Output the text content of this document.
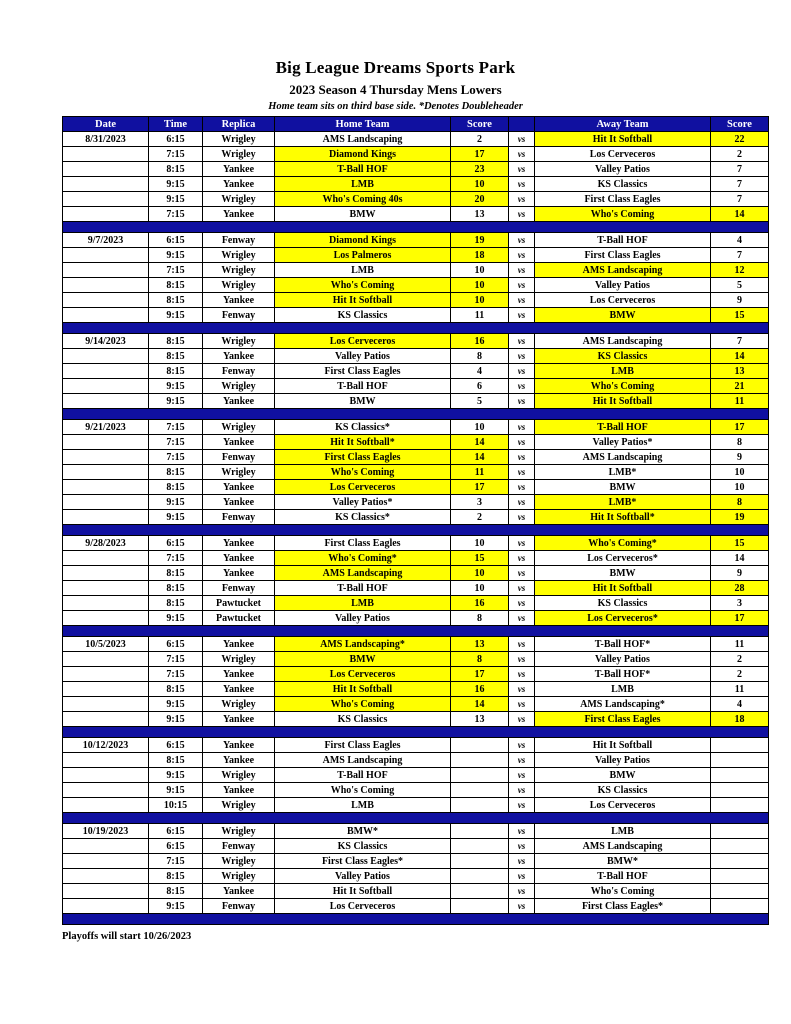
Big League Dreams Sports Park
2023 Season 4 Thursday Mens Lowers
Home team sits on third base side. *Denotes Doubleheader
Date	Time	Replica	Home Team	Score		Away Team	Score
8/31/2023	6:15	Wrigley	AMS Landscaping	2	vs	Hit It Softball	22
	7:15	Wrigley	Diamond Kings	17	vs	Los Cerveceros	2
	8:15	Yankee	T-Ball HOF	23	vs	Valley Patios	7
	9:15	Yankee	LMB	10	vs	KS Classics	7
	9:15	Wrigley	Who's Coming 40s	20	vs	First Class Eagles	7
	7:15	Yankee	BMW	13	vs	Who's Coming	14

9/7/2023	6:15	Fenway	Diamond Kings	19	vs	T-Ball HOF	4
	9:15	Wrigley	Los Palmeros	18	vs	First Class Eagles	7
	7:15	Wrigley	LMB	10	vs	AMS Landscaping	12
	8:15	Wrigley	Who's Coming	10	vs	Valley Patios	5
	8:15	Yankee	Hit It Softball	10	vs	Los Cerveceros	9
	9:15	Fenway	KS Classics	11	vs	BMW	15

9/14/2023	8:15	Wrigley	Los Cerveceros	16	vs	AMS Landscaping	7
	8:15	Yankee	Valley Patios	8	vs	KS Classics	14
	8:15	Fenway	First Class Eagles	4	vs	LMB	13
	9:15	Wrigley	T-Ball HOF	6	vs	Who's Coming	21
	9:15	Yankee	BMW	5	vs	Hit It Softball	11

9/21/2023	7:15	Wrigley	KS Classics*	10	vs	T-Ball HOF	17
	7:15	Yankee	Hit It Softball*	14	vs	Valley Patios*	8
	7:15	Fenway	First Class Eagles	14	vs	AMS Landscaping	9
	8:15	Wrigley	Who's Coming	11	vs	LMB*	10
	8:15	Yankee	Los Cerveceros	17	vs	BMW	10
	9:15	Yankee	Valley Patios*	3	vs	LMB*	8
	9:15	Fenway	KS Classics*	2	vs	Hit It Softball*	19

9/28/2023	6:15	Yankee	First Class Eagles	10	vs	Who's Coming*	15
	7:15	Yankee	Who's Coming*	15	vs	Los Cerveceros*	14
	8:15	Yankee	AMS Landscaping	10	vs	BMW	9
	8:15	Fenway	T-Ball HOF	10	vs	Hit It Softball	28
	8:15	Pawtucket	LMB	16	vs	KS Classics	3
	9:15	Pawtucket	Valley Patios	8	vs	Los Cerveceros*	17

10/5/2023	6:15	Yankee	AMS Landscaping*	13	vs	T-Ball HOF*	11
	7:15	Wrigley	BMW	8	vs	Valley Patios	2
	7:15	Yankee	Los Cerveceros	17	vs	T-Ball HOF*	2
	8:15	Yankee	Hit It Softball	16	vs	LMB	11
	9:15	Wrigley	Who's Coming	14	vs	AMS Landscaping*	4
	9:15	Yankee	KS Classics	13	vs	First Class Eagles	18

10/12/2023	6:15	Yankee	First Class Eagles		vs	Hit It Softball	
	8:15	Yankee	AMS Landscaping		vs	Valley Patios	
	9:15	Wrigley	T-Ball HOF		vs	BMW	
	9:15	Yankee	Who's Coming		vs	KS Classics	
	10:15	Wrigley	LMB		vs	Los Cerveceros	

10/19/2023	6:15	Wrigley	BMW*		vs	LMB	
	6:15	Fenway	KS Classics		vs	AMS Landscaping	
	7:15	Wrigley	First Class Eagles*		vs	BMW*	
	8:15	Wrigley	Valley Patios		vs	T-Ball HOF	
	8:15	Yankee	Hit It Softball		vs	Who's Coming	
	9:15	Fenway	Los Cerveceros		vs	First Class Eagles*	

Playoffs will start 10/26/2023
